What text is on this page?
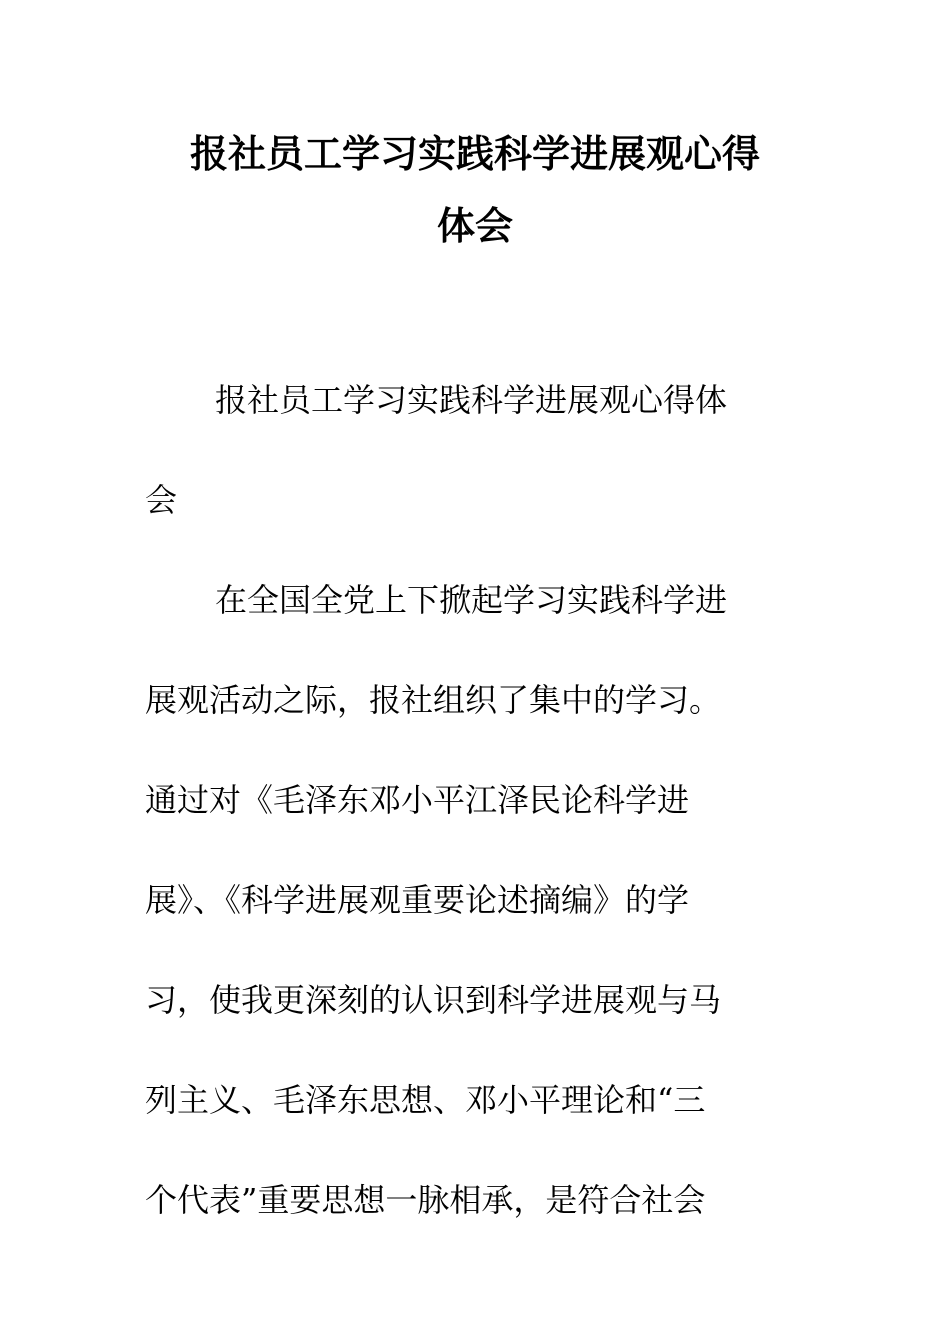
报社员工学习实践科学进展观心得
体会

报社员工学习实践科学进展观心得体

会

在全国全党上下掀起学习实践科学进

展观活动之际，报社组织了集中的学习。

通过对《毛泽东邓小平江泽民论科学进

展》、《科学进展观重要论述摘编》的学

习，使我更深刻的认识到科学进展观与马

列主义、毛泽东思想、邓小平理论和“三

个代表”重要思想一脉相承，是符合社会
